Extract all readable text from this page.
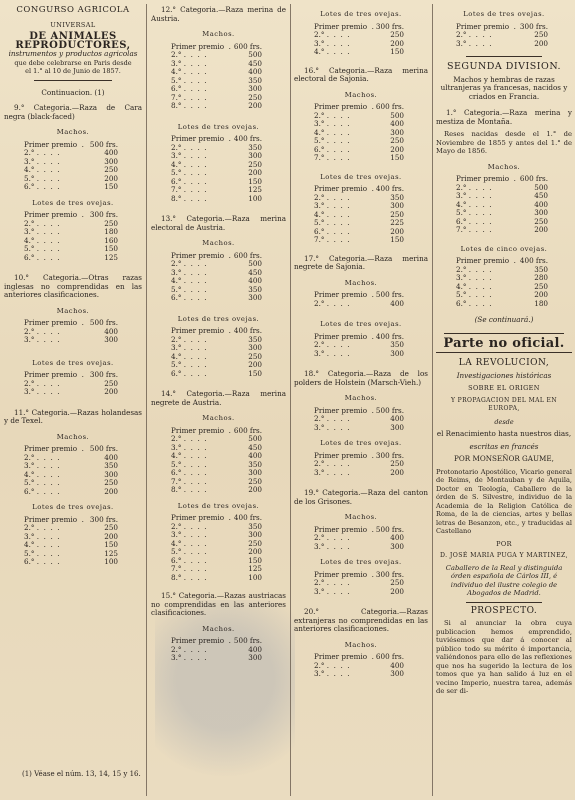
CONGURSO AGRICOLA
UNIVERSAL
DE ANIMALES REPRODUCTORES,
instrumentos y productos agricolas
que debe celebrarse en Paris desde el 1.° al 10 de Junio de 1857.
Continuacion. (1)
9.° Categoria.—Raza de Cara negra (black-faced)
Machos.
Primer premio  . 500 frs.
2.° .  .  .  .	400
3.° .  .  .  .	300
4.° .  .  .  .	250
5.° .  .  .  .	200
6.° .  .  .  .	150
Lotes de tres ovejas.
Primer premio  . 300 frs.
2.° .  .  .  .	250
3.° .  .  .  .	180
4.° .  .  .  .	160
5.° .  .  .  .	150
6.° .  .  .  .	125
10.° Categoria.—Otras razas inglesas no comprendidas en las anteriores clasificaciones.
Machos.
Primer premio  . 500 frs.
2.° .  .  .  .	400
3.° .  .  .  .	300
Lotes de tres ovejas.
Primer premio  . 300 frs.
2.° .  .  .  .	250
3.° .  .  .  .	200
11.° Categoria.—Razas holandesas y de Texel.
Machos.
Primer premio  . 500 frs.
2.° .  .  .  .	400
3.° .  .  .  .	350
4.° .  .  .  .	300
5.° .  .  .  .	250
6.° .  .  .  .	200
Lotes de tres ovejas.
Primer premio  . 300 frs.
2.° .  .  .  .	250
3.° .  .  .  .	200
4.° .  .  .  .	150
5.° .  .  .  .	125
6.° .  .  .  .	100
(1) Véase el núm. 13, 14, 15 y 16.
12.° Categoria.—Raza merina de Austria.
Machos.
Primer premio  . 600 frs.
2.° .  .  .  .	500
3.° .  .  .  .	450
4.° .  .  .  .	400
5.° .  .  .  .	350
6.° .  .  .  .	300
7.° .  .  .  .	250
8.° .  .  .  .	200
Lotes de tres ovejas.
Primer premio  . 400 frs.
2.° .  .  .  .	350
3.° .  .  .  .	300
4.° .  .  .  .	250
5.° .  .  .  .	200
6.° .  .  .  .	150
7.° .  .  .  .	125
8.° .  .  .  .	100
13.° Categoria.—Raza merina electoral de Austria.
Machos.
Primer premio  . 600 frs.
2.° .  .  .  .	500
3.° .  .  .  .	450
4.° .  .  .  .	400
5.° .  .  .  .	350
6.° .  .  .  .	300
Lotes de tres ovejas.
Primer premio  . 400 frs.
2.° .  .  .  .	350
3.° .  .  .  .	300
4.° .  .  .  .	250
5.° .  .  .  .	200
6.° .  .  .  .	150
14.° Categoria.—Raza merina negrete de Austria.
Machos.
Primer premio  . 600 frs.
2.° .  .  .  .	500
3.° .  .  .  .	450
4.° .  .  .  .	400
5.° .  .  .  .	350
6.° .  .  .  .	300
7.° .  .  .  .	250
8.° .  .  .  .	200
Lotes de tres ovejas.
Primer premio  . 400 frs.
2.° .  .  .  .	350
3.° .  .  .  .	300
4.° .  .  .  .	250
5.° .  .  .  .	200
6.° .  .  .  .	150
7.° .  .  .  .	125
8.° .  .  .  .	100
15.° Categoria.—Razas austriacas no comprendidas en las anteriores clasificaciones.
Machos.
Primer premio  . 500 frs.
2.° .  .  .  .	400
3.° .  .  .  .	300
Lotes de tres ovejas.
Primer premio  . 300 frs.
2.° .  .  .  .	250
3.° .  .  .  .	200
4.° .  .  .  .	150
16.° Categoria.—Raza merina electoral de Sajonia.
Machos.
Primer premio  . 600 frs.
2.° .  .  .  .	500
3.° .  .  .  .	400
4.° .  .  .  .	300
5.° .  .  .  .	250
6.° .  .  .  .	200
7.° .  .  .  .	150
Lotes de tres ovejas.
Primer premio  . 400 frs.
2.° .  .  .  .	350
3.° .  .  .  .	300
4.° .  .  .  .	250
5.° .  .  .  .	225
6.° .  .  .  .	200
7.° .  .  .  .	150
17.° Categoria.—Raza merina negrete de Sajonia.
Machos.
Primer premio  . 500 frs.
2.° .  .  .  .	400
Lotes de tres ovejas.
Primer premio  . 400 frs.
2.° .  .  .  .	350
3.° .  .  .  .	300
18.° Categoria.—Raza de los polders de Holstein (Marsch-Vieh.)
Machos.
Primer premio  . 500 frs.
2.° .  .  .  .	400
3.° .  .  .  .	300
Lotes de tres ovejas.
Primer premio  . 300 frs.
2.° .  .  .  .	250
3.° .  .  .  .	200
19.° Categoria.—Raza del canton de los Grisones.
Machos.
Primer premio  . 500 frs.
2.° .  .  .  .	400
3.° .  .  .  .	300
Lotes de tres ovejas.
Primer premio  . 300 frs.
2.° .  .  .  .	250
3.° .  .  .  .	200
20.° Categoria.—Razas extranjeras no comprendidas en las anteriores clasificaciones.
Machos.
Primer premio  . 600 frs.
2.° .  .  .  .	400
3.° .  .  .  .	300
Lotes de tres ovejas.
Primer premio  . 300 frs.
2.° .  .  .  .	250
3.° .  .  .  .	200
SEGUNDA DIVISION.
Machos y hembras de razas ultranjeras ya francesas, nacidos y criados en Francia.
1.° Categoria.—Raza merina y mestiza de Montaña.
Reses nacidas desde el 1.° de Noviembre de 1855 y antes del 1.° de Mayo de 1856.
Machos.
Primer premio  . 600 frs.
2.° .  .  .  .	500
3.° .  .  .  .	450
4.° .  .  .  .	400
5.° .  .  .  .	300
6.° .  .  .  .	250
7.° .  .  .  .	200
Lotes de cinco ovejas.
Primer premio  . 400 frs.
2.° .  .  .  .	350
3.° .  .  .  .	280
4.° .  .  .  .	250
5.° .  .  .  .	200
6.° .  .  .  .	180
(Se continuará.)
Parte no oficial.
LA REVOLUCION,
Investigaciones históricas
SOBRE EL ORIGEN
Y PROPAGACION DEL MAL EN EUROPA,
desde
el Renacimiento hasta nuestros dias,
escritas en francés
POR MONSEÑOR GAUME,
Protonotario Apostólico, Vicario general de Reims, de Montauban y de Aquila, Doctor en Teología, Caballero de la órden de S. Silvestre, individuo de la Academia de la Religion Católica de Roma, de la de ciencias, artes y bellas letras de Besanzon, etc., y traducidas al Castellano
POR
D. JOSÉ MARIA PUGA Y MARTINEZ,
Caballero de la Real y distinguida órden española de Cárlos III, é individuo del ilustre colegio de Abogados de Madrid.
PROSPECTO.
Si al anunciar la obra cuya publicacion hemos emprendido, tuviésemos que dar á conocer al público todo su mérito é importancia, valiéndonos para ello de las reflexiones que nos ha sugerido la lectura de los tomos que ya han salido á luz en el vecino Imperio, nuestra tarea, además de ser di-
